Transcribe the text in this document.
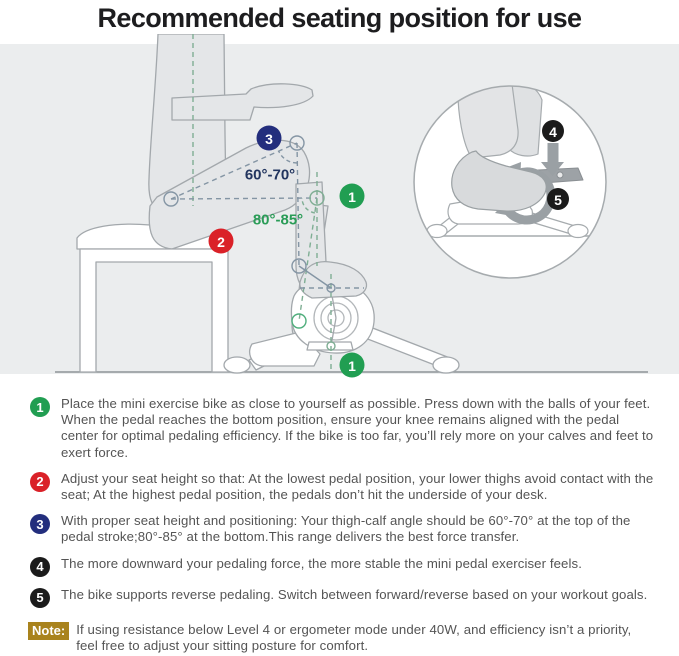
Recommended seating position for use
60°-70°
80°-85°
3
1
2
1
4
5
1	Place the mini exercise bike as close to yourself as possible. Press down with the balls of your feet. When the pedal reaches the bottom position, ensure your knee remains aligned with the pedal center for optimal pedaling efficiency. If the bike is too far, you’ll rely more on your calves and feet to exert force.

2	Adjust your seat height so that: At the lowest pedal position, your lower thighs avoid contact with the seat; At the highest pedal position, the pedals don’t hit the underside of your desk.

3	With proper seat height and positioning: Your thigh-calf angle should be 60°-70° at the top of the pedal stroke;80°-85° at the bottom.This range delivers the best force transfer.

4	The more downward your pedaling force, the more stable the mini pedal exerciser feels.

5	The bike supports reverse pedaling. Switch between forward/reverse based on your workout goals.

Note: If using resistance below Level 4 or ergometer mode under 40W, and efficiency isn’t a priority, feel free to adjust your sitting posture for comfort.
